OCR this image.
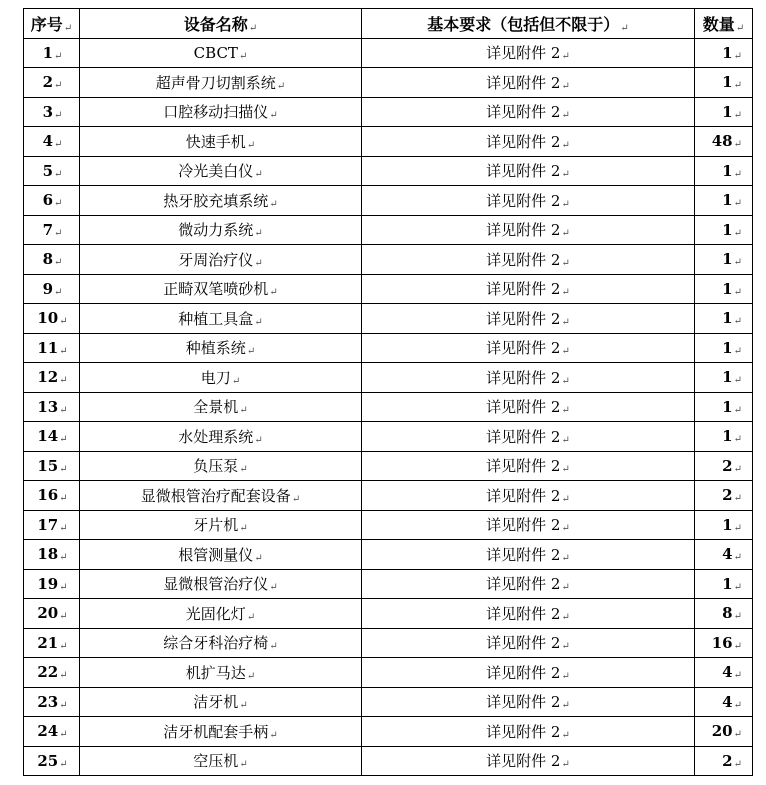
序号↵	设备名称↵	基本要求（包括但不限于）↵	数量↵
1↵	CBCT↵	详见附件 2↵	1↵
2↵	超声骨刀切割系统↵	详见附件 2↵	1↵
3↵	口腔移动扫描仪↵	详见附件 2↵	1↵
4↵	快速手机↵	详见附件 2↵	48↵
5↵	冷光美白仪↵	详见附件 2↵	1↵
6↵	热牙胶充填系统↵	详见附件 2↵	1↵
7↵	微动力系统↵	详见附件 2↵	1↵
8↵	牙周治疗仪↵	详见附件 2↵	1↵
9↵	正畸双笔喷砂机↵	详见附件 2↵	1↵
10↵	种植工具盒↵	详见附件 2↵	1↵
11↵	种植系统↵	详见附件 2↵	1↵
12↵	电刀↵	详见附件 2↵	1↵
13↵	全景机↵	详见附件 2↵	1↵
14↵	水处理系统↵	详见附件 2↵	1↵
15↵	负压泵↵	详见附件 2↵	2↵
16↵	显微根管治疗配套设备↵	详见附件 2↵	2↵
17↵	牙片机↵	详见附件 2↵	1↵
18↵	根管测量仪↵	详见附件 2↵	4↵
19↵	显微根管治疗仪↵	详见附件 2↵	1↵
20↵	光固化灯↵	详见附件 2↵	8↵
21↵	综合牙科治疗椅↵	详见附件 2↵	16↵
22↵	机扩马达↵	详见附件 2↵	4↵
23↵	洁牙机↵	详见附件 2↵	4↵
24↵	洁牙机配套手柄↵	详见附件 2↵	20↵
25↵	空压机↵	详见附件 2↵	2↵
